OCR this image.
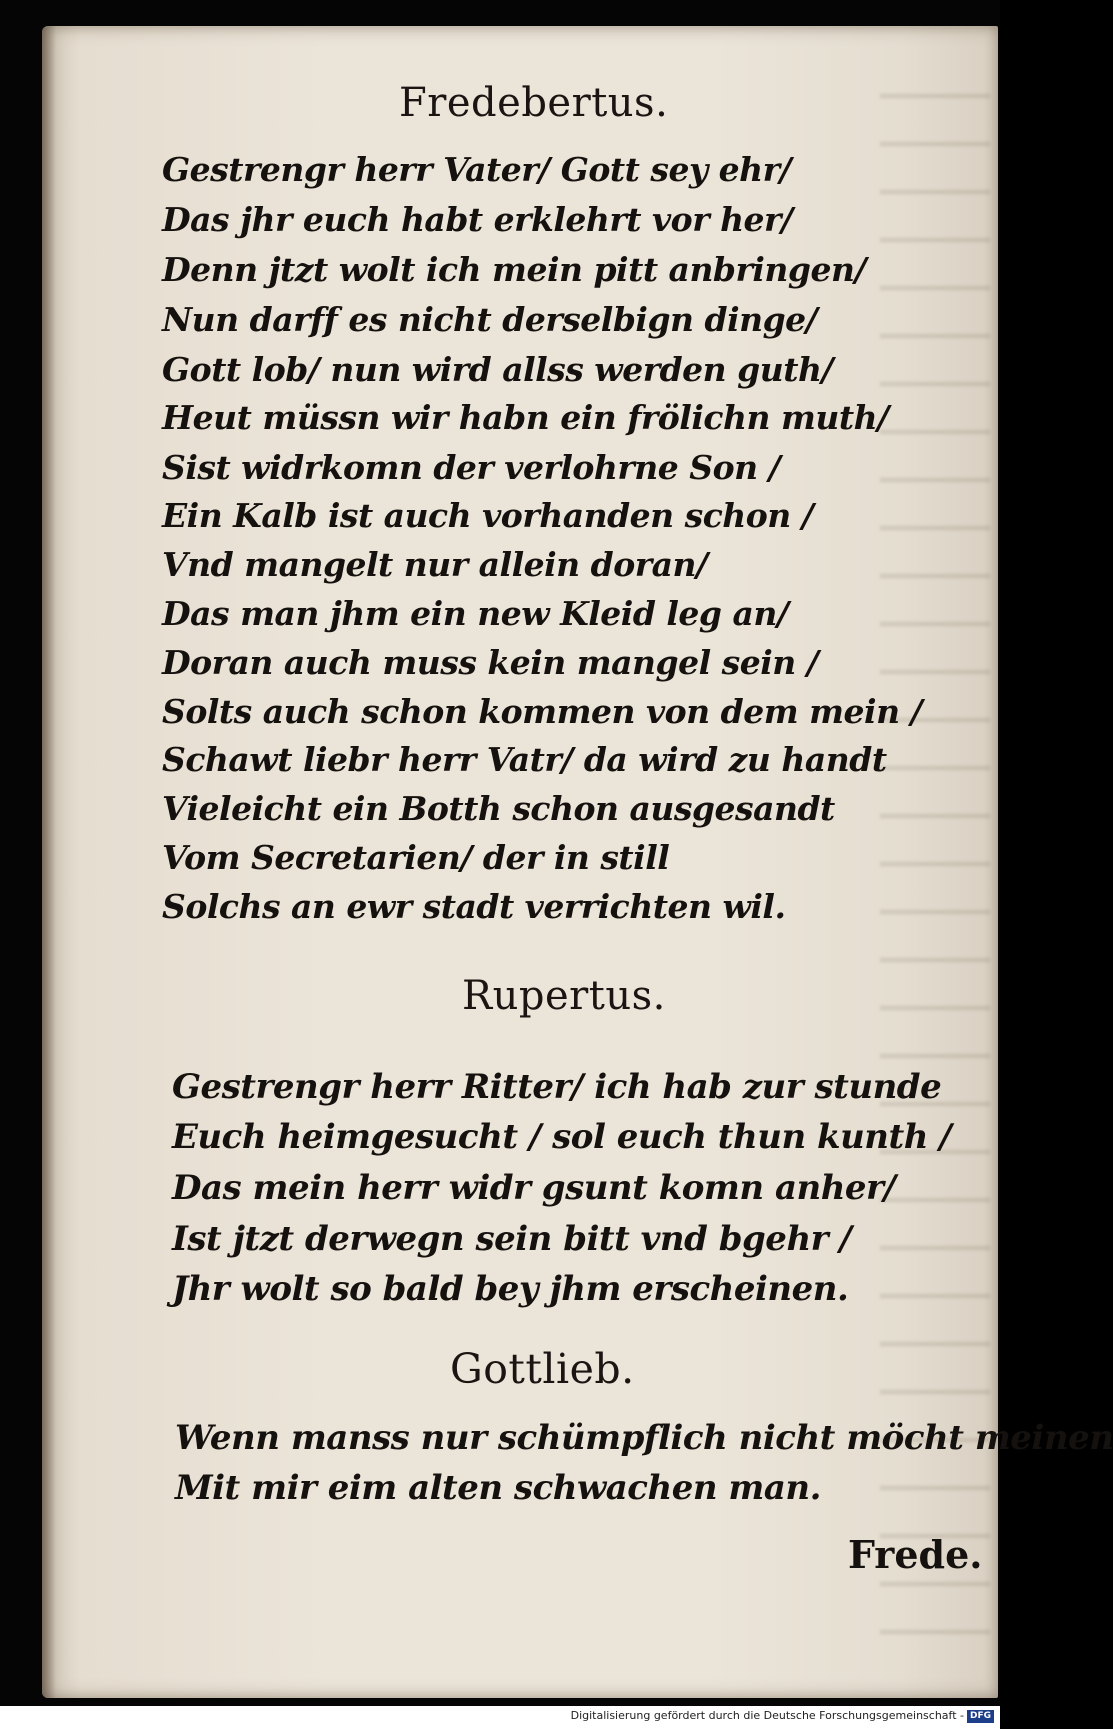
Fredebertus.
Gestrengr herr Vater/ Gott sey ehr/
Das jhr euch habt erklehrt vor her/
Denn jtzt wolt ich mein pitt anbringen/
Nun darff es nicht derselbign dinge/
Gott lob/ nun wird allss werden guth/
Heut müssn wir habn ein frölichn muth/
Sist widrkomn der verlohrne Son /
Ein Kalb ist auch vorhanden schon /
Vnd mangelt nur allein doran/
Das man jhm ein new Kleid leg an/
Doran auch muss kein mangel sein /
Solts auch schon kommen von dem mein /
Schawt liebr herr Vatr/ da wird zu handt
Vieleicht ein Botth schon ausgesandt
Vom Secretarien/ der in still
Solchs an ewr stadt verrichten wil.
Rupertus.
Gestrengr herr Ritter/ ich hab zur stunde
Euch heimgesucht / sol euch thun kunth /
Das mein herr widr gsunt komn anher/
Ist jtzt derwegn sein bitt vnd bgehr /
Jhr wolt so bald bey jhm erscheinen.
Gottlieb.
Wenn manss nur schümpflich nicht möcht meinen
Mit mir eim alten schwachen man.
Frede.
Digitalisierung gefördert durch die Deutsche Forschungsgemeinschaft - DFG
